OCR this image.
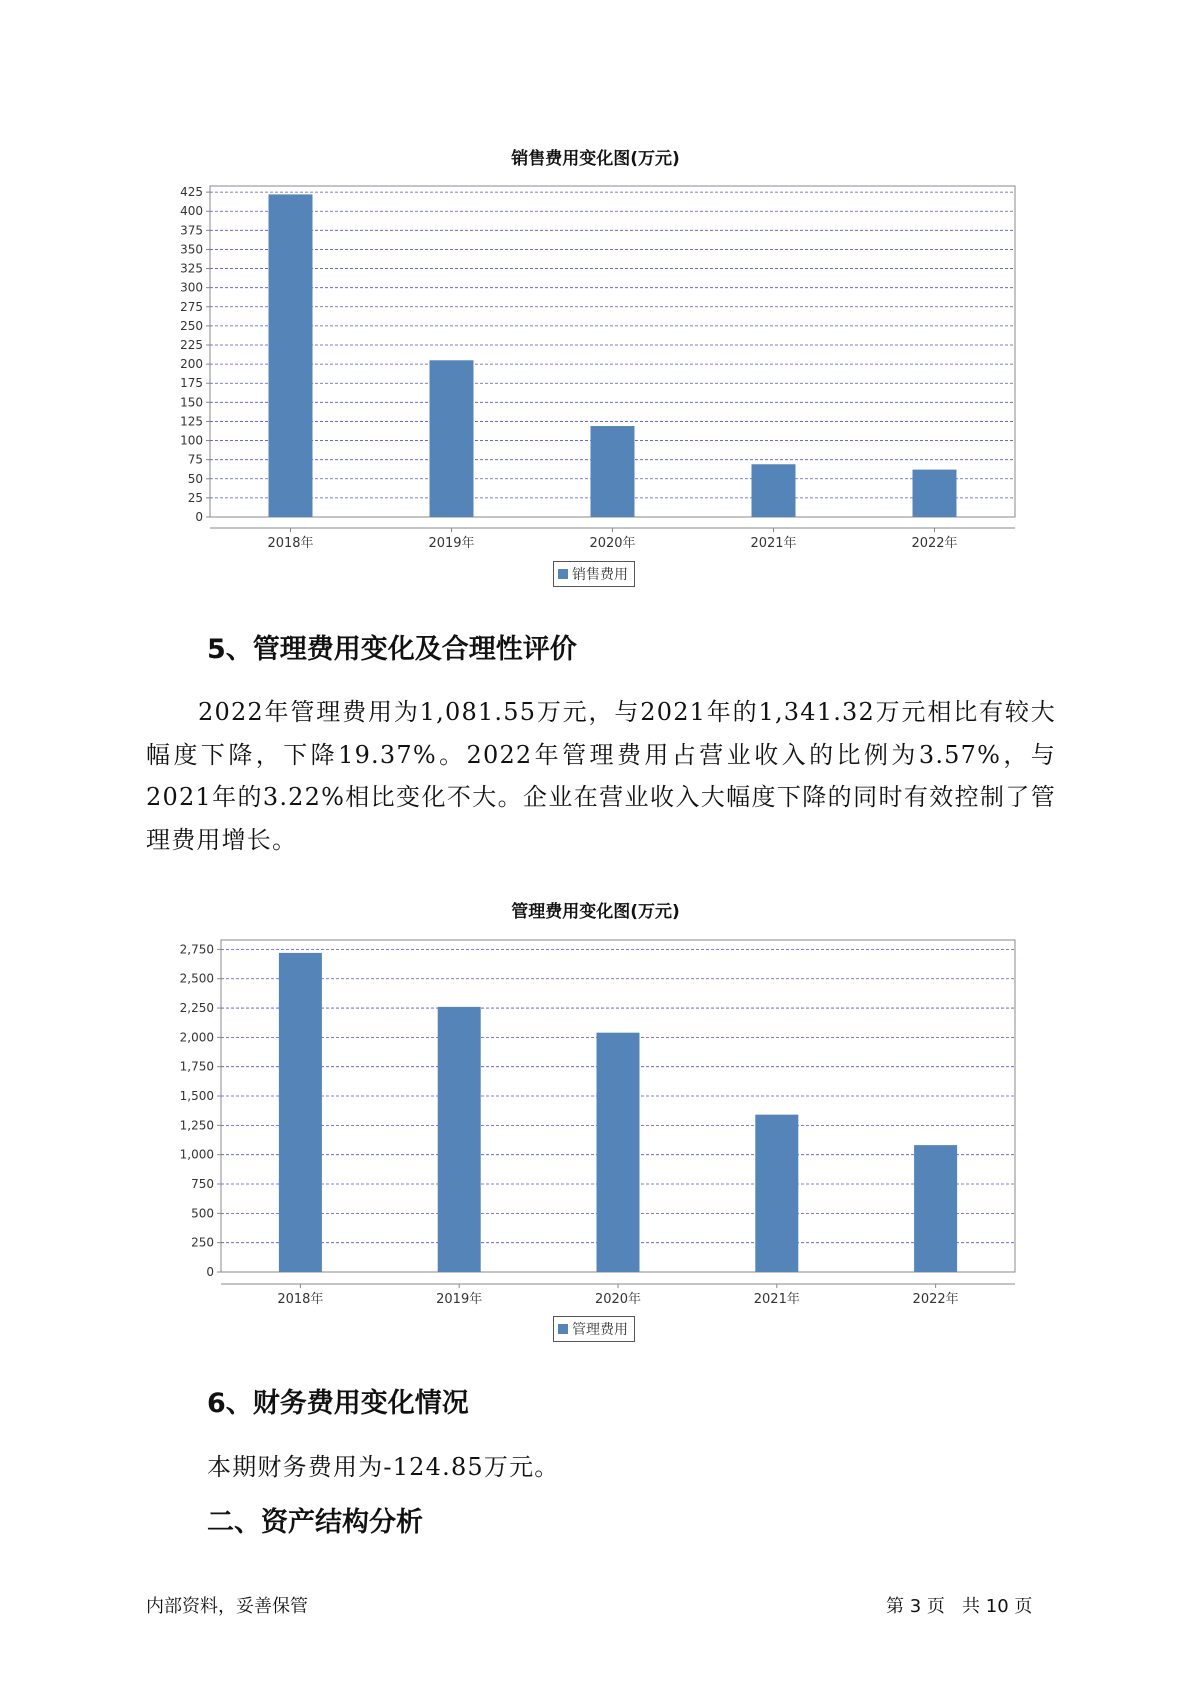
销售费用变化图(万元)
0
25
50
75
100
125
150
175
200
225
250
275
300
325
350
375
400
425
2018年	2019年	2020年	2021年	2022年
销售费用
5、管理费用变化及合理性评价
2022年管理费用为1,081.55万元，与2021年的1,341.32万元相比有较大幅度下降，下降19.37%。2022年管理费用占营业收入的比例为3.57%，与2021年的3.22%相比变化不大。企业在营业收入大幅度下降的同时有效控制了管理费用增长。
管理费用变化图(万元)
0
250
500
750
1,000
1,250
1,500
1,750
2,000
2,250
2,500
2,750
2018年	2019年	2020年	2021年	2022年
管理费用
6、财务费用变化情况
本期财务费用为-124.85万元。
二、资产结构分析
内部资料，妥善保管	第 3 页   共 10 页
